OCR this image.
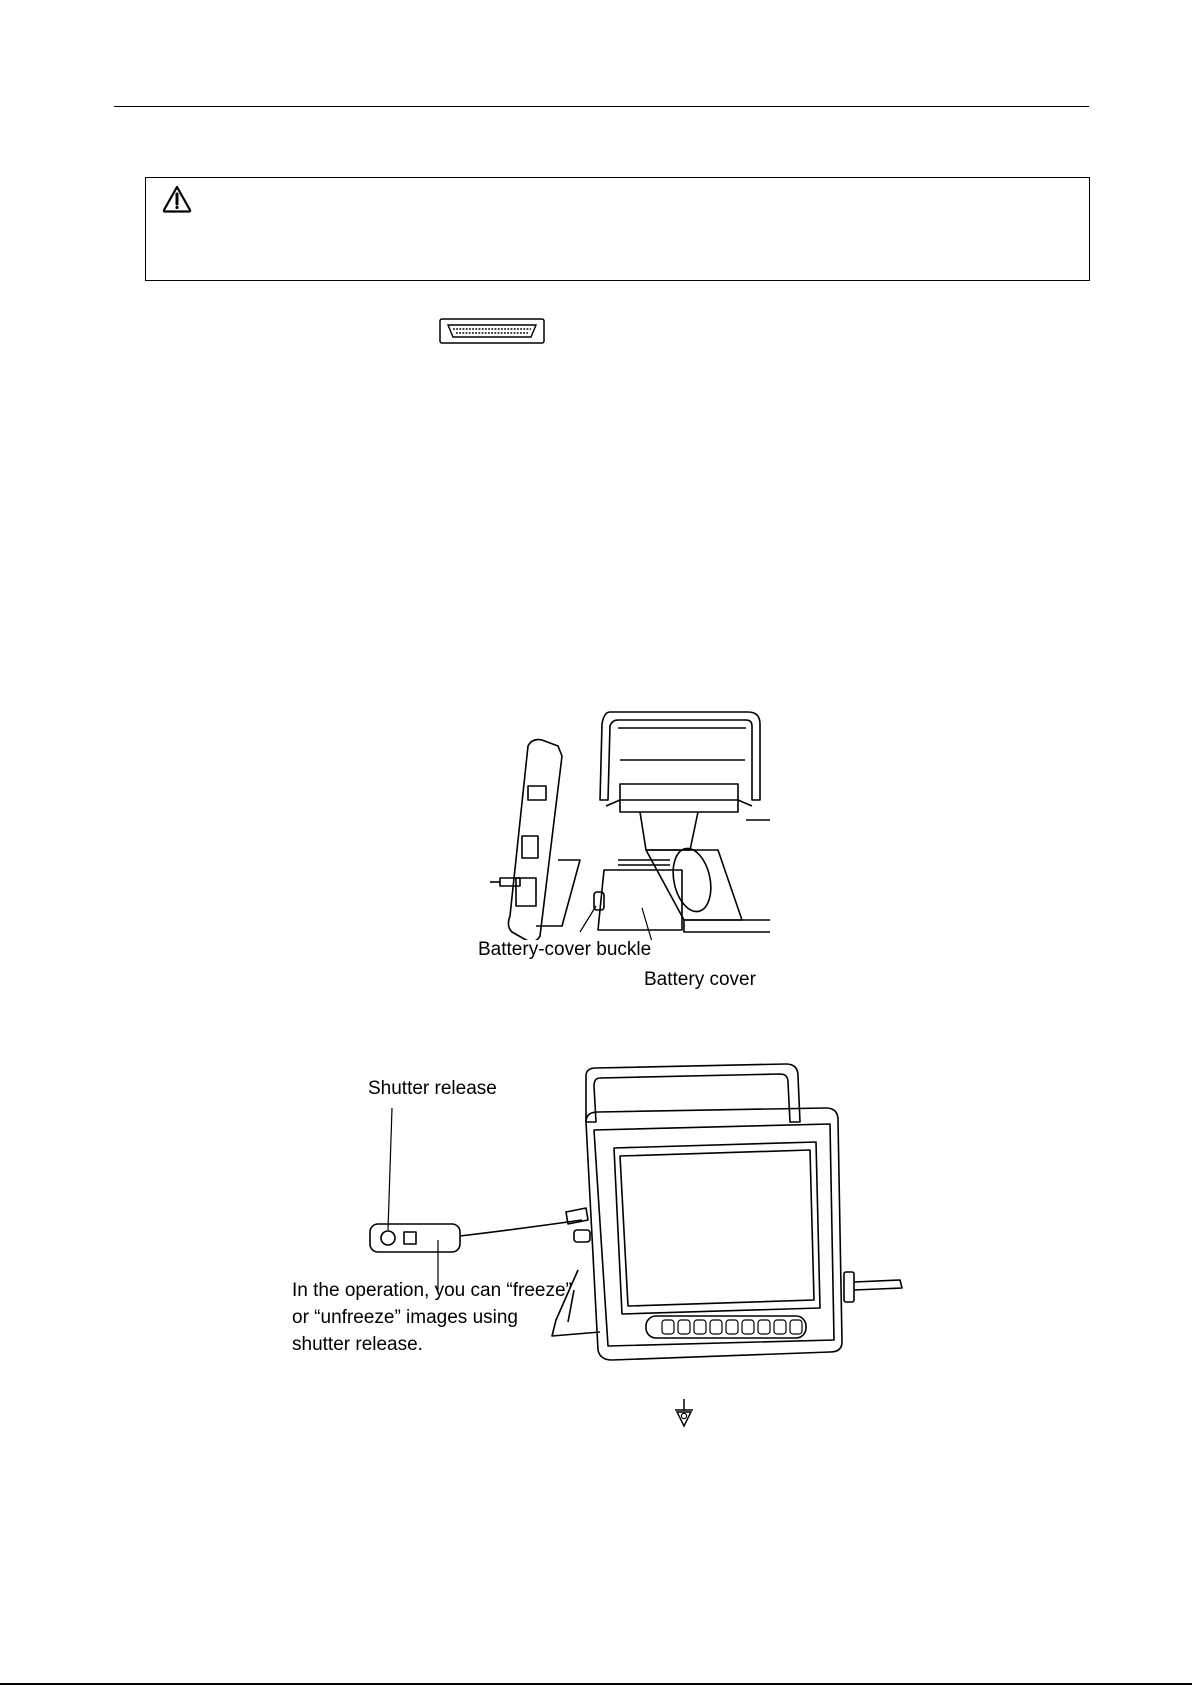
Battery-cover buckle
Battery cover
Shutter release
In the operation, you can “freeze”
or “unfreeze” images using
shutter release.
